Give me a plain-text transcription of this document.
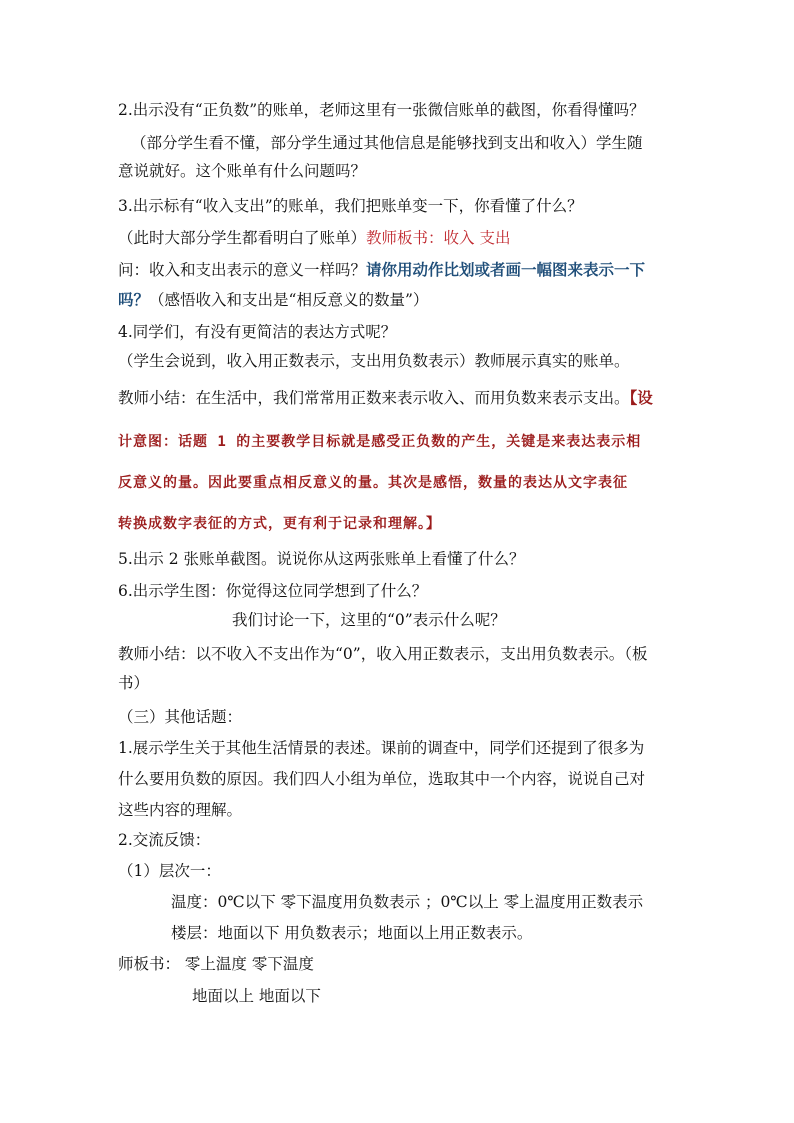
2.出示没有“正负数”的账单，老师这里有一张微信账单的截图，你看得懂吗？
（部分学生看不懂，部分学生通过其他信息是能够找到支出和收入）学生随
意说就好。这个账单有什么问题吗？
3.出示标有“收入支出”的账单，我们把账单变一下，你看懂了什么？
（此时大部分学生都看明白了账单）教师板书：收入 支出
问：收入和支出表示的意义一样吗？请你用动作比划或者画一幅图来表示一下
吗？（感悟收入和支出是“相反意义的数量”）
4.同学们，有没有更简洁的表达方式呢？
（学生会说到，收入用正数表示，支出用负数表示）教师展示真实的账单。
教师小结：在生活中，我们常常用正数来表示收入、而用负数来表示支出。【设
计意图：话题 1 的主要教学目标就是感受正负数的产生，关键是来表达表示相
反意义的量。因此要重点相反意义的量。其次是感悟，数量的表达从文字表征
转换成数字表征的方式，更有利于记录和理解。】
5.出示 2 张账单截图。说说你从这两张账单上看懂了什么？
6.出示学生图：你觉得这位同学想到了什么？
我们讨论一下，这里的“0”表示什么呢？
教师小结：以不收入不支出作为“0”，收入用正数表示，支出用负数表示。（板
书）
（三）其他话题：
1.展示学生关于其他生活情景的表述。课前的调查中，同学们还提到了很多为
什么要用负数的原因。我们四人小组为单位，选取其中一个内容，说说自己对
这些内容的理解。
2.交流反馈：
（1）层次一：
温度：0℃以下 零下温度用负数表示 ；0℃以上 零上温度用正数表示
楼层：地面以下 用负数表示；地面以上用正数表示。
师板书： 零上温度 零下温度
地面以上 地面以下
